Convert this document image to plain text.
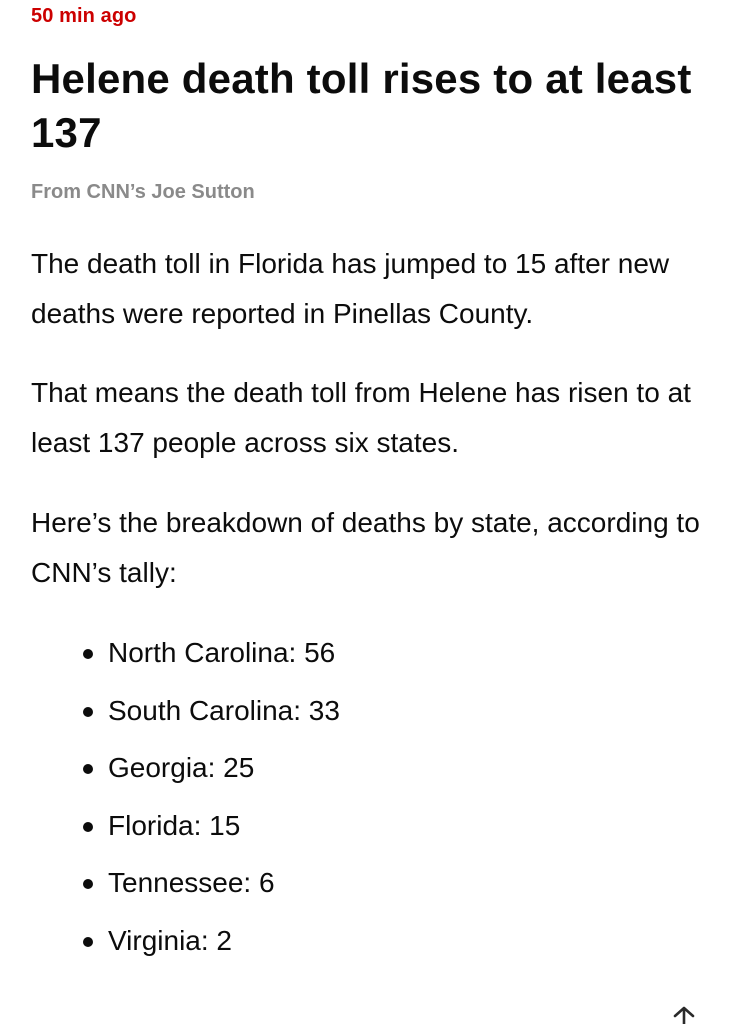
50 min ago
Helene death toll rises to at least 137
From CNN’s Joe Sutton

The death toll in Florida has jumped to 15 after new deaths were reported in Pinellas County.

That means the death toll from Helene has risen to at least 137 people across six states.

Here’s the breakdown of deaths by state, according to CNN’s tally:

North Carolina: 56
South Carolina: 33
Georgia: 25
Florida: 15
Tennessee: 6
Virginia: 2
